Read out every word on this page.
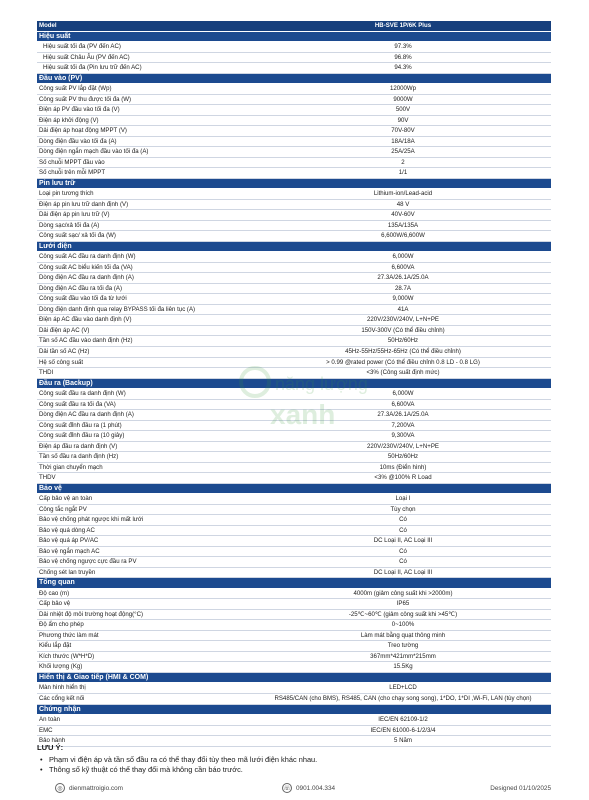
Model	HB-SVE 1P/6K Plus
Hiệu suất	
Hiệu suất tối đa (PV đến AC)	97.3%
Hiệu suất Châu Âu (PV đến AC)	96.8%
Hiệu suất tối đa (Pin lưu trữ đến AC)	94.3%
Đầu vào (PV)	
Công suất PV lắp đặt (Wp)	12000Wp
Công suất PV thu được tối đa (W)	9000W
Điện áp PV đầu vào tối đa (V)	500V
Điện áp khởi động (V)	90V
Dải điện áp hoạt động MPPT (V)	70V-80V
Dòng điện đầu vào tối đa (A)	18A/18A
Dòng điện ngắn mạch đầu vào tối đa (A)	25A/25A
Số chuỗi MPPT đầu vào	2
Số chuỗi trên mỗi MPPT	1/1
Pin lưu trữ	
Loại pin tương thích	Lithium-ion/Lead-acid
Điện áp pin lưu trữ danh định (V)	48 V
Dải điện áp pin lưu trữ (V)	40V-60V
Dòng sạc/xả tối đa (A)	135A/135A
Công suất sạc/ xả tối đa (W)	6,600W/6,600W
Lưới điện	
Công suất AC đầu ra danh định (W)	6,000W
Công suất AC biểu kiến tối đa (VA)	6,600VA
Dòng điện AC đầu ra danh định (A)	27.3A/26.1A/25.0A
Dòng điện AC đầu ra tối đa (A)	28.7A
Công suất đầu vào tối đa từ lưới	9,000W
Dòng điện danh định qua relay BYPASS tối đa liên tục (A)	41A
Điện áp AC đầu vào danh định (V)	220V/230V/240V, L+N+PE
Dải điện áp AC (V)	150V-300V (Có thể điều chỉnh)
Tần số AC đầu vào danh định (Hz)	50Hz/60Hz
Dải tần số AC (Hz)	45Hz-55Hz/55Hz-65Hz (Có thể điều chỉnh)
Hệ số công suất	> 0.99 @rated power (Có thể điều chỉnh 0.8 LD - 0.8 LG)
THDI	<3% (Công suất định mức)
Đầu ra (Backup)	
Công suất đầu ra danh định (W)	6,000W
Công suất đầu ra tối đa (VA)	6,600VA
Dòng điện AC đầu ra danh định (A)	27.3A/26.1A/25.0A
Công suất đỉnh đầu ra (1 phút)	7,200VA
Công suất đỉnh đầu ra (10 giây)	9,300VA
Điện áp đầu ra danh định (V)	220V/230V/240V, L+N+PE
Tần số đầu ra danh định (Hz)	50Hz/60Hz
Thời gian chuyển mạch	10ms (Điển hình)
THDV	<3% @100% R Load
Bảo vệ	
Cấp bảo vệ an toàn	Loại I
Công tắc ngắt PV	Tùy chọn
Bảo vệ chống phát ngược khi mất lưới	Có
Bảo vệ quá dòng AC	Có
Bảo vệ quá áp PV/AC	DC Loại II, AC Loại III
Bảo vệ ngắn mạch AC	Có
Bảo vệ chống ngược cực đầu ra PV	Có
Chống sét lan truyền	DC Loại II, AC Loại III
Tổng quan	
Độ cao (m)	4000m (giảm công suất khi >2000m)
Cấp bảo vệ	IP65
Dải nhiệt độ môi trường hoạt động(°C)	-25℃~60℃ (giảm công suất khi >45℃)
Độ ẩm cho phép	0~100%
Phương thức làm mát	Làm mát bằng quạt thông minh
Kiểu lắp đặt	Treo tường
Kích thước (W*H*D)	367mm*421mm*215mm
Khối lượng (Kg)	15.5Kg
Hiển thị & Giao tiếp (HMI & COM)	
Màn hình hiển thị	LED+LCD
Các cổng kết nối	RS485/CAN (cho BMS), RS485, CAN (cho chạy song song), 1*DO, 1*DI ,Wi-Fi, LAN (tùy chọn)
Chứng nhận	
An toàn	IEC/EN 62109-1/2
EMC	IEC/EN 61000-6-1/2/3/4
Bảo hành	5 Năm
xanh
LƯU Ý:
• Phạm vi điện áp và tần số đầu ra có thể thay đổi tùy theo mã lưới điện khác nhau.
• Thông số kỹ thuật có thể thay đổi mà không cần báo trước.
◎ dienmattroigio.com	☏ 0901.004.334	Designed 01/10/2025
